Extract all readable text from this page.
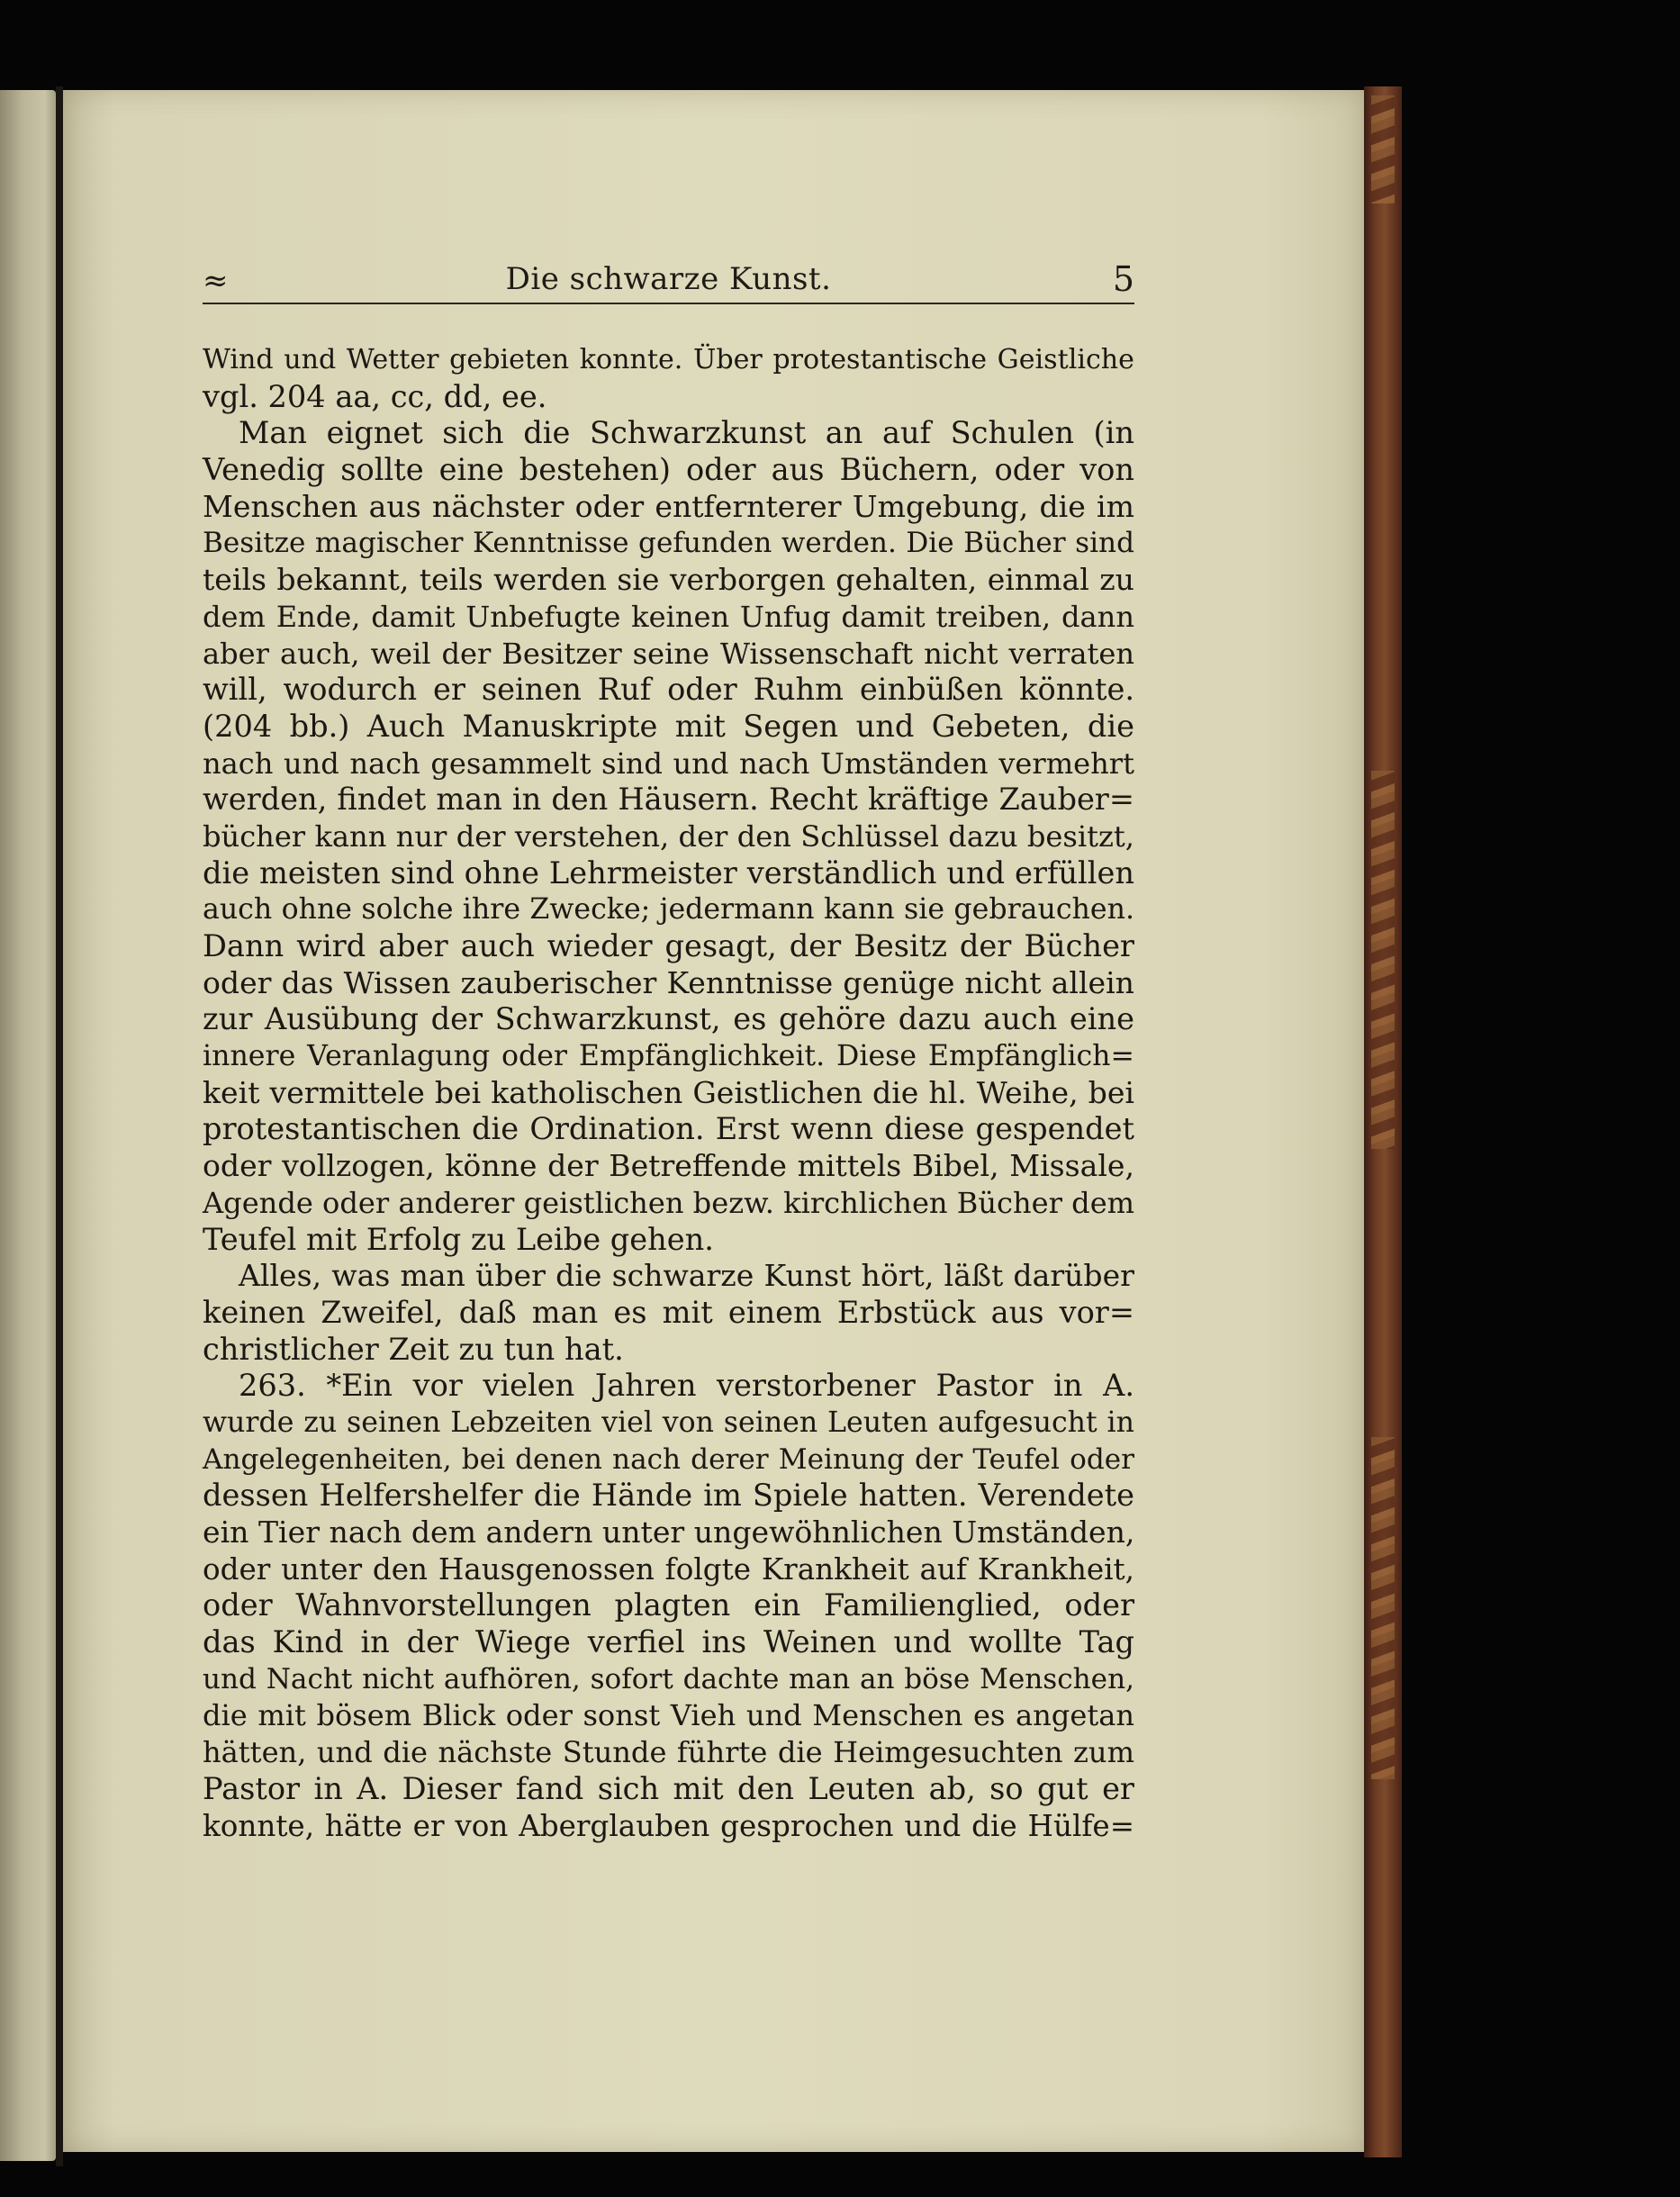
≈	Die schwarze Kunst.	5
Wind und Wetter gebieten konnte. Über protestantische Geistliche
vgl. 204 aa, cc, dd, ee.
Man eignet sich die Schwarzkunst an auf Schulen (in
Venedig sollte eine bestehen) oder aus Büchern, oder von
Menschen aus nächster oder entfernterer Umgebung, die im
Besitze magischer Kenntnisse gefunden werden. Die Bücher sind
teils bekannt, teils werden sie verborgen gehalten, einmal zu
dem Ende, damit Unbefugte keinen Unfug damit treiben, dann
aber auch, weil der Besitzer seine Wissenschaft nicht verraten
will, wodurch er seinen Ruf oder Ruhm einbüßen könnte.
(204 bb.) Auch Manuskripte mit Segen und Gebeten, die
nach und nach gesammelt sind und nach Umständen vermehrt
werden, findet man in den Häusern. Recht kräftige Zauber=
bücher kann nur der verstehen, der den Schlüssel dazu besitzt,
die meisten sind ohne Lehrmeister verständlich und erfüllen
auch ohne solche ihre Zwecke; jedermann kann sie gebrauchen.
Dann wird aber auch wieder gesagt, der Besitz der Bücher
oder das Wissen zauberischer Kenntnisse genüge nicht allein
zur Ausübung der Schwarzkunst, es gehöre dazu auch eine
innere Veranlagung oder Empfänglichkeit. Diese Empfänglich=
keit vermittele bei katholischen Geistlichen die hl. Weihe, bei
protestantischen die Ordination. Erst wenn diese gespendet
oder vollzogen, könne der Betreffende mittels Bibel, Missale,
Agende oder anderer geistlichen bezw. kirchlichen Bücher dem
Teufel mit Erfolg zu Leibe gehen.
Alles, was man über die schwarze Kunst hört, läßt darüber
keinen Zweifel, daß man es mit einem Erbstück aus vor=
christlicher Zeit zu tun hat.
263. *Ein vor vielen Jahren verstorbener Pastor in A.
wurde zu seinen Lebzeiten viel von seinen Leuten aufgesucht in
Angelegenheiten, bei denen nach derer Meinung der Teufel oder
dessen Helfershelfer die Hände im Spiele hatten. Verendete
ein Tier nach dem andern unter ungewöhnlichen Umständen,
oder unter den Hausgenossen folgte Krankheit auf Krankheit,
oder Wahnvorstellungen plagten ein Familienglied, oder
das Kind in der Wiege verfiel ins Weinen und wollte Tag
und Nacht nicht aufhören, sofort dachte man an böse Menschen,
die mit bösem Blick oder sonst Vieh und Menschen es angetan
hätten, und die nächste Stunde führte die Heimgesuchten zum
Pastor in A. Dieser fand sich mit den Leuten ab, so gut er
konnte, hätte er von Aberglauben gesprochen und die Hülfe=
